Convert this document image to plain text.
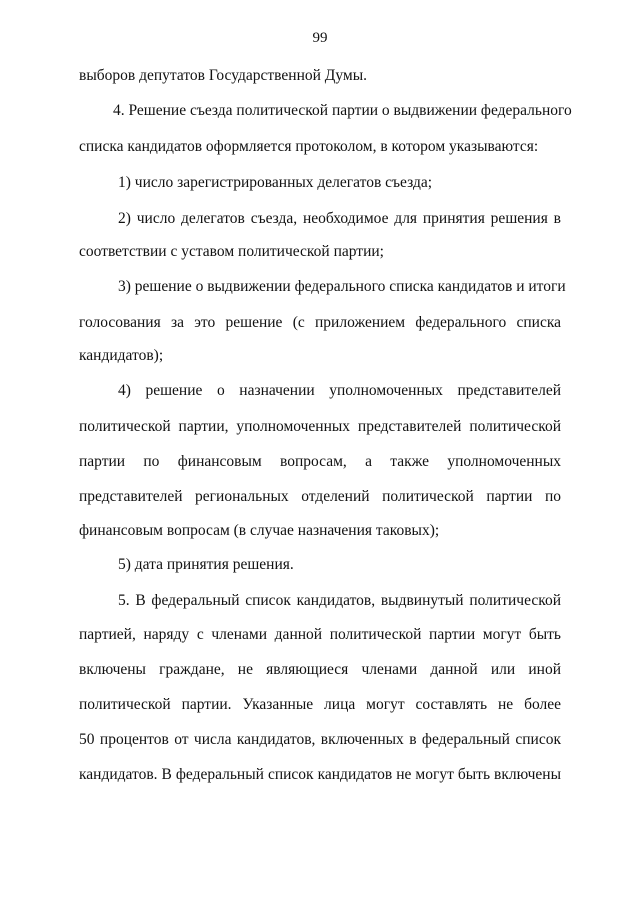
99
выборов депутатов Государственной Думы.
4. Решение съезда политической партии о выдвижении федерального
списка кандидатов оформляется протоколом, в котором указываются:
1) число зарегистрированных делегатов съезда;
2) число делегатов съезда, необходимое для принятия решения в
соответствии с уставом политической партии;
3) решение о выдвижении федерального списка кандидатов и итоги
голосования за это решение (с приложением федерального списка
кандидатов);
4) решение о назначении уполномоченных представителей
политической партии, уполномоченных представителей политической
партии по финансовым вопросам, а также уполномоченных
представителей региональных отделений политической партии по
финансовым вопросам (в случае назначения таковых);
5) дата принятия решения.
5. В федеральный список кандидатов, выдвинутый политической
партией, наряду с членами данной политической партии могут быть
включены граждане, не являющиеся членами данной или иной
политической партии. Указанные лица могут составлять не более
50 процентов от числа кандидатов, включенных в федеральный список
кандидатов. В федеральный список кандидатов не могут быть включены
